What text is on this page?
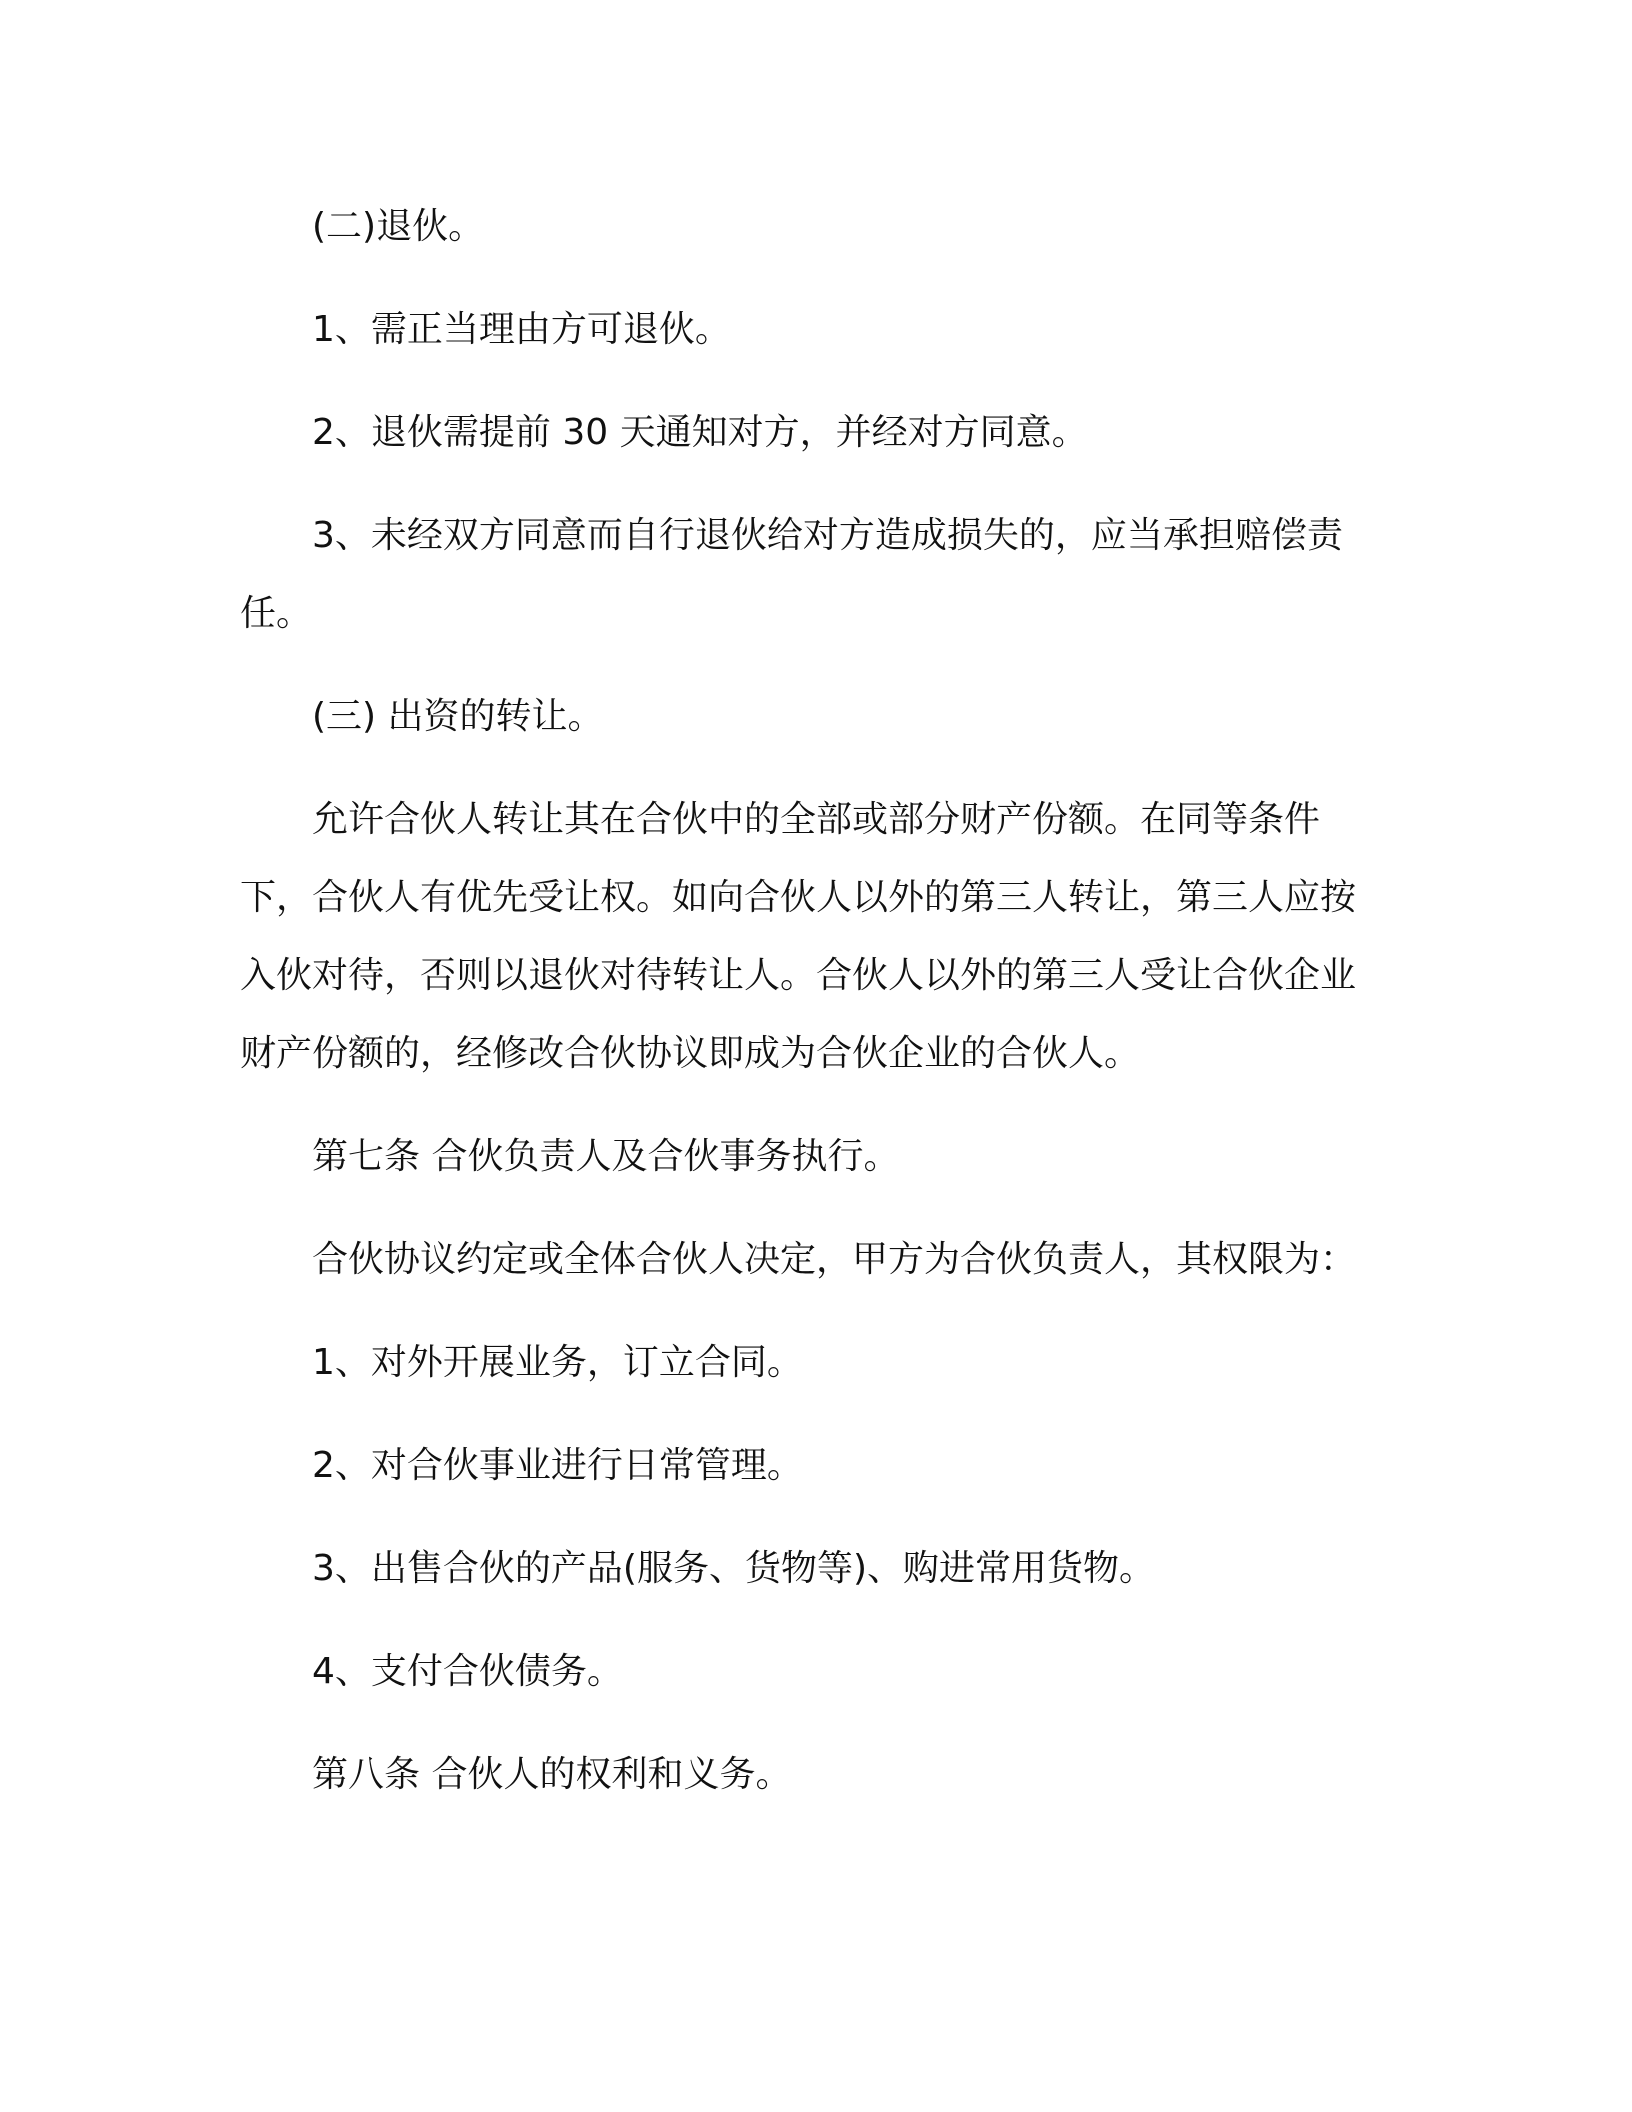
(二)退伙。

1、需正当理由方可退伙。

2、退伙需提前 30 天通知对方，并经对方同意。

3、未经双方同意而自行退伙给对方造成损失的，应当承担赔偿责任。

(三) 出资的转让。

允许合伙人转让其在合伙中的全部或部分财产份额。在同等条件下，合伙人有优先受让权。如向合伙人以外的第三人转让，第三人应按入伙对待，否则以退伙对待转让人。合伙人以外的第三人受让合伙企业财产份额的，经修改合伙协议即成为合伙企业的合伙人。

第七条 合伙负责人及合伙事务执行。

合伙协议约定或全体合伙人决定，甲方为合伙负责人，其权限为：

1、对外开展业务，订立合同。

2、对合伙事业进行日常管理。

3、出售合伙的产品(服务、货物等)、购进常用货物。

4、支付合伙债务。

第八条 合伙人的权利和义务。
